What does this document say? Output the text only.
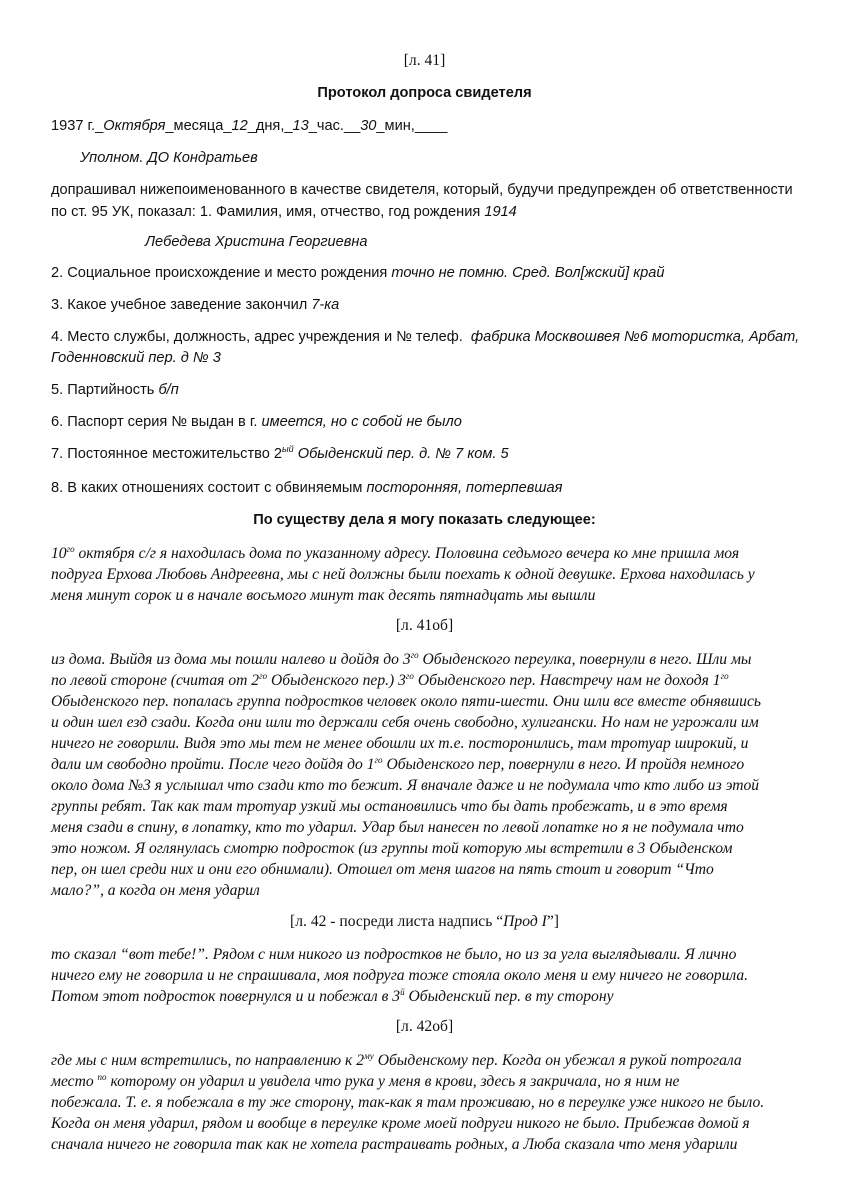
[л. 41]
Протокол допроса свидетеля
1937 г._Октября_месяца_12_дня,_13_час.__30_мин,____
Уполном. ДО Кондратьев
допрашивал нижепоименованного в качестве свидетеля, который, будучи предупрежден об ответственности
по ст. 95 УК, показал: 1. Фамилия, имя, отчество, год рождения 1914
Лебедева Христина Георгиевна
2. Социальное происхождение и место рождения точно не помню. Сред. Вол[жский] край
3. Какое учебное заведение закончил 7-ка
4. Место службы, должность, адрес учреждения и № телеф. фабрика Москвошвея №6 мотористка, Арбат,
Годенновский пер. д № 3
5. Партийность б/п
6. Паспорт серия № выдан в г. имеется, но с собой не было
7. Постоянное местожительство $2^{ый}$ Обыденский пер. д. № 7 ком. 5
8. В каких отношениях состоит с обвиняемым посторонняя, потерпевшая
По существу дела я могу показать следующее:
$10^{го}$ октября с/г я находилась дома по указанному адресу. Половина седьмого вечера ко мне пришла моя
подруга Ерхова Любовь Андреевна, мы с ней должны были поехать к одной девушке. Ерхова находилась у
меня минут сорок и в начале восьмого минут так десять пятнадцать мы вышли
[л. 41об]
из дома. Выйдя из дома мы пошли налево и дойдя до $3^{го}$ Обыденского переулка, повернули в него. Шли мы
по левой стороне (считая от $2^{го}$ Обыденского пер.) $3^{го}$ Обыденского пер. Навстречу нам не доходя $1^{го}$
Обыденского пер. попалась группа подростков человек около пяти-шести. Они шли все вместе обнявшись
и один шел езд сзади. Когда они шли то держали себя очень свободно, хулигански. Но нам не угрожали им
ничего не говорили. Видя это мы тем не менее обошли их т.е. посторонились, там тротуар широкий, и
дали им свободно пройти. После чего дойдя до $1^{го}$ Обыденского пер, повернули в него. И пройдя немного
около дома №3 я услышал что сзади кто то бежит. Я вначале даже и не подумала что кто либо из этой
группы ребят. Так как там тротуар узкий мы остановились что бы дать пробежать, и в это время
меня сзади в спину, в лопатку, кто то ударил. Удар был нанесен по левой лопатке но я не подумала что
это ножом. Я оглянулась смотрю подросток (из группы той которую мы встретили в 3 Обыденском
пер, он шел среди них и они его обнимали). Отошел от меня шагов на пять стоит и говорит “Что
мало?”, а когда он меня ударил
[л. 42 - посреди листа надпись “Прод I”]
то сказал “вот тебе!”. Рядом с ним никого из подростков не было, но из за угла выглядывали. Я лично
ничего ему не говорила и не спрашивала, моя подруга тоже стояла около меня и ему ничего не говорила.
Потом этот подросток повернулся и и побежал в $3^й$ Обыденский пер. в ту сторону
[л. 42об]
где мы с ним встретились, по направлению к $2^{му}$ Обыденскому пер. Когда он убежал я рукой потрогала
место $^{по}$ которому он ударил и увидела что рука у меня в крови, здесь я закричала, но я ним не
побежала. Т. е. я побежала в ту же сторону, так-как я там проживаю, но в переулке уже никого не было.
Когда он меня ударил, рядом и вообще в переулке кроме моей подруги никого не было. Прибежав домой я
сначала ничего не говорила так как не хотела растраивать родных, а Люба сказала что меня ударили
